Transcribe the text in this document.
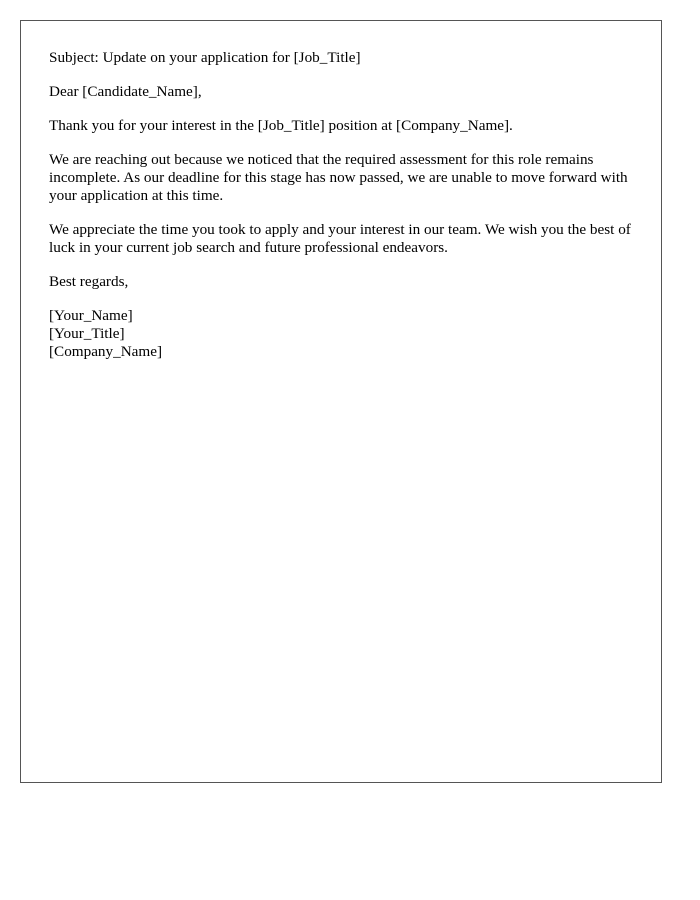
Subject: Update on your application for [Job_Title]

Dear [Candidate_Name],

Thank you for your interest in the [Job_Title] position at [Company_Name].

We are reaching out because we noticed that the required assessment for this role remains incomplete. As our deadline for this stage has now passed, we are unable to move forward with your application at this time.

We appreciate the time you took to apply and your interest in our team. We wish you the best of luck in your current job search and future professional endeavors.

Best regards,

[Your_Name]

[Your_Title]

[Company_Name]
